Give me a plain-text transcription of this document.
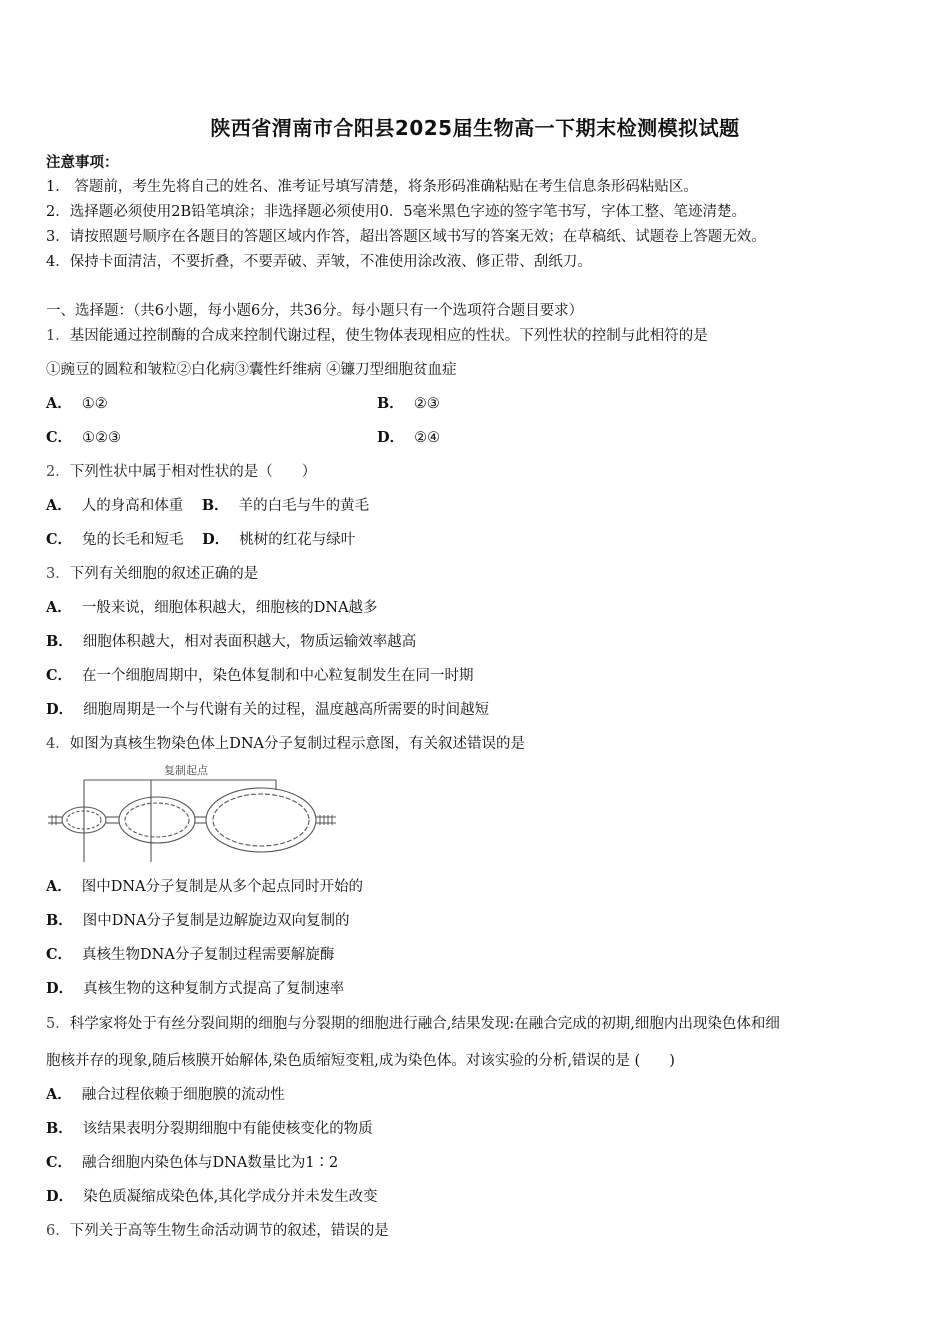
陕西省渭南市合阳县2025届生物高一下期末检测模拟试题
注意事项：
1． 答题前，考生先将自己的姓名、准考证号填写清楚，将条形码准确粘贴在考生信息条形码粘贴区。
2．选择题必须使用2B铅笔填涂；非选择题必须使用0．5毫米黑色字迹的签字笔书写，字体工整、笔迹清楚。
3．请按照题号顺序在各题目的答题区域内作答，超出答题区域书写的答案无效；在草稿纸、试题卷上答题无效。
4．保持卡面清洁，不要折叠，不要弄破、弄皱，不准使用涂改液、修正带、刮纸刀。
一、选择题：（共6小题，每小题6分，共36分。每小题只有一个选项符合题目要求）
1．基因能通过控制酶的合成来控制代谢过程，使生物体表现相应的性状。下列性状的控制与此相符的是
①豌豆的圆粒和皱粒②白化病③囊性纤维病 ④镰刀型细胞贫血症
A． ①②	B． ②③
C． ①②③	D． ②④
2．下列性状中属于相对性状的是（　　）
A． 人的身高和体重 B． 羊的白毛与牛的黄毛
C． 兔的长毛和短毛 D． 桃树的红花与绿叶
3．下列有关细胞的叙述正确的是
A． 一般来说，细胞体积越大，细胞核的DNA越多
B． 细胞体积越大，相对表面积越大，物质运输效率越高
C． 在一个细胞周期中，染色体复制和中心粒复制发生在同一时期
D． 细胞周期是一个与代谢有关的过程，温度越高所需要的时间越短
4．如图为真核生物染色体上DNA分子复制过程示意图，有关叙述错误的是
复制起点
A． 图中DNA分子复制是从多个起点同时开始的
B． 图中DNA分子复制是边解旋边双向复制的
C． 真核生物DNA分子复制过程需要解旋酶
D． 真核生物的这种复制方式提高了复制速率
5．科学家将处于有丝分裂间期的细胞与分裂期的细胞进行融合,结果发现:在融合完成的初期,细胞内出现染色体和细
胞核并存的现象,随后核膜开始解体,染色质缩短变粗,成为染色体。对该实验的分析,错误的是 (　　)
A． 融合过程依赖于细胞膜的流动性
B． 该结果表明分裂期细胞中有能使核变化的物质
C． 融合细胞内染色体与DNA数量比为1∶2
D． 染色质凝缩成染色体,其化学成分并未发生改变
6．下列关于高等生物生命活动调节的叙述，错误的是
